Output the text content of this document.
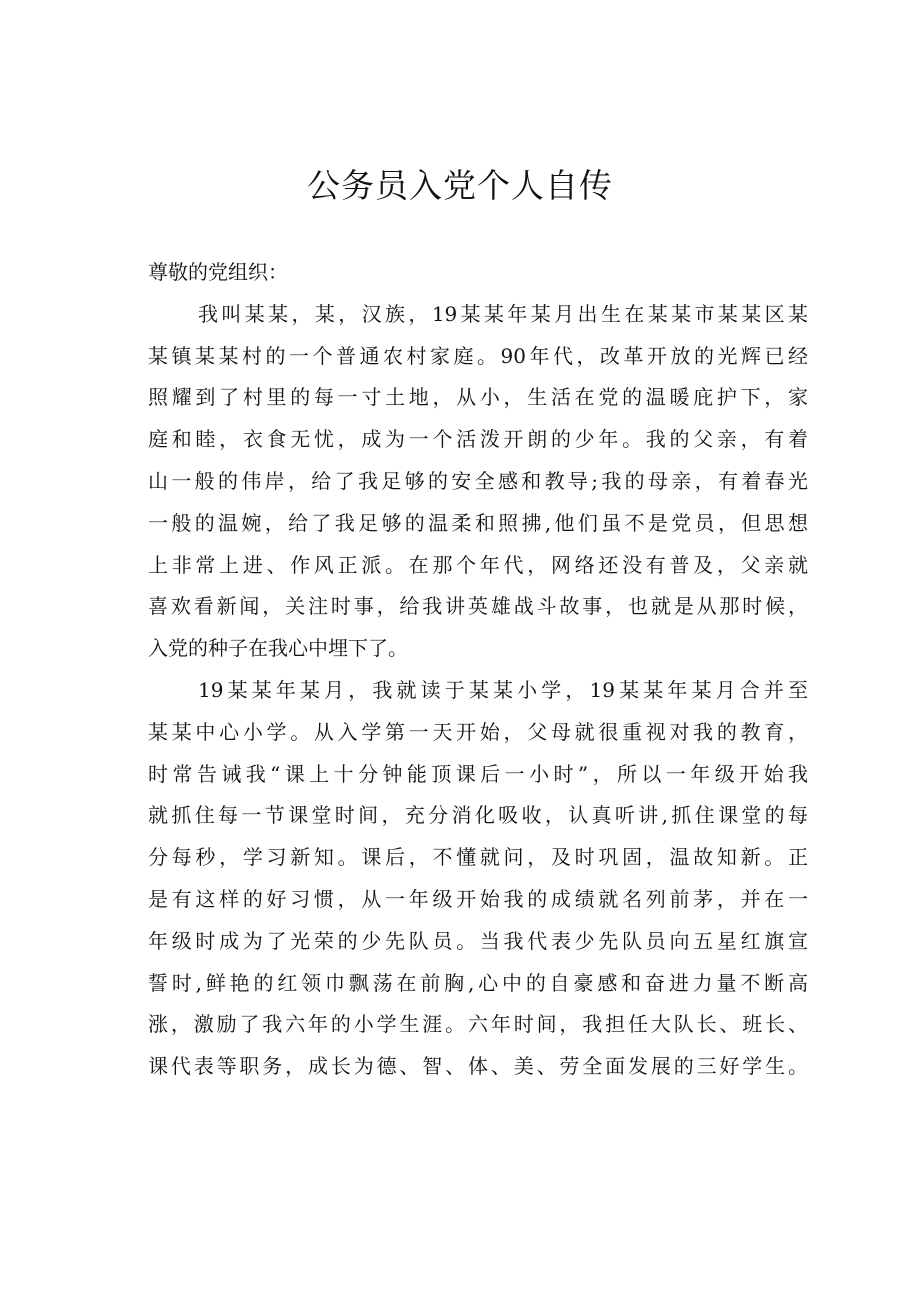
公务员入党个人自传
尊敬的党组织：
我叫某某，某，汉族，19某某年某月出生在某某市某某区某
某镇某某村的一个普通农村家庭。90年代，改革开放的光辉已经
照耀到了村里的每一寸土地，从小，生活在党的温暖庇护下，家
庭和睦，衣食无忧，成为一个活泼开朗的少年。我的父亲，有着
山一般的伟岸，给了我足够的安全感和教导;我的母亲，有着春光
一般的温婉，给了我足够的温柔和照拂,他们虽不是党员，但思想
上非常上进、作风正派。在那个年代，网络还没有普及，父亲就
喜欢看新闻，关注时事，给我讲英雄战斗故事，也就是从那时候，
入党的种子在我心中埋下了。
19某某年某月，我就读于某某小学，19某某年某月合并至
某某中心小学。从入学第一天开始，父母就很重视对我的教育，
时常告诫我“课上十分钟能顶课后一小时”，所以一年级开始我
就抓住每一节课堂时间，充分消化吸收，认真听讲,抓住课堂的每
分每秒，学习新知。课后，不懂就问，及时巩固，温故知新。正
是有这样的好习惯，从一年级开始我的成绩就名列前茅，并在一
年级时成为了光荣的少先队员。当我代表少先队员向五星红旗宣
誓时,鲜艳的红领巾飘荡在前胸,心中的自豪感和奋进力量不断高
涨，激励了我六年的小学生涯。六年时间，我担任大队长、班长、
课代表等职务，成长为德、智、体、美、劳全面发展的三好学生。
